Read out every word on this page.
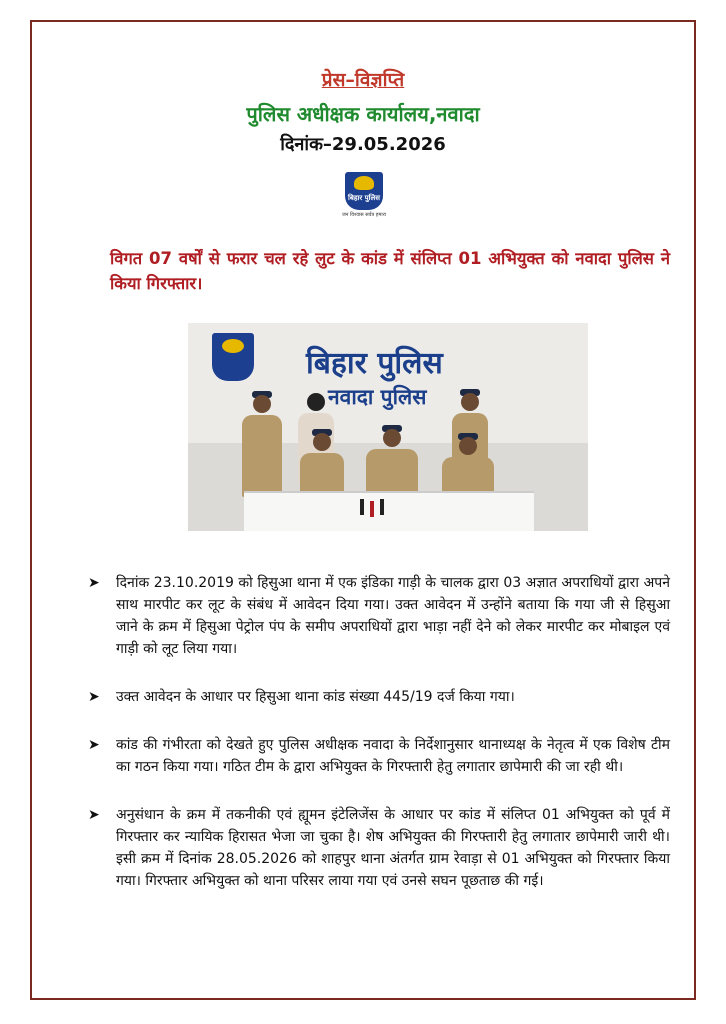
प्रेस–विज्ञप्ति
पुलिस अधीक्षक कार्यालय,नवादा
दिनांक–29.05.2026
बिहार पुलिस
जन विश्वास सर्वत्र हमारा
विगत 07 वर्षों से फरार चल रहे लुट के कांड में संलिप्त 01 अभियुक्त को नवादा पुलिस ने किया गिरफ्तार।
बिहार पुलिस
नवादा पुलिस
➤ दिनांक 23.10.2019 को हिसुआ थाना में एक इंडिका गाड़ी के चालक द्वारा 03 अज्ञात अपराधियों द्वारा अपने साथ मारपीट कर लूट के संबंध में आवेदन दिया गया। उक्त आवेदन में उन्होंने बताया कि गया जी से हिसुआ जाने के क्रम में हिसुआ पेट्रोल पंप के समीप अपराधियों द्वारा भाड़ा नहीं देने को लेकर मारपीट कर मोबाइल एवं गाड़ी को लूट लिया गया।
➤ उक्त आवेदन के आधार पर हिसुआ थाना कांड संख्या 445/19 दर्ज किया गया।
➤ कांड की गंभीरता को देखते हुए पुलिस अधीक्षक नवादा के निर्देशानुसार थानाध्यक्ष के नेतृत्व में एक विशेष टीम का गठन किया गया। गठित टीम के द्वारा अभियुक्त के गिरफ्तारी हेतु लगातार छापेमारी की जा रही थी।
➤ अनुसंधान के क्रम में तकनीकी एवं ह्यूमन इंटेलिजेंस के आधार पर कांड में संलिप्त 01 अभियुक्त को पूर्व में गिरफ्तार कर न्यायिक हिरासत भेजा जा चुका है। शेष अभियुक्त की गिरफ्तारी हेतु लगातार छापेमारी जारी थी। इसी क्रम में दिनांक 28.05.2026 को शाहपुर थाना अंतर्गत ग्राम रेवाड़ा से 01 अभियुक्त को गिरफ्तार किया गया। गिरफ्तार अभियुक्त को थाना परिसर लाया गया एवं उनसे सघन पूछताछ की गई।
